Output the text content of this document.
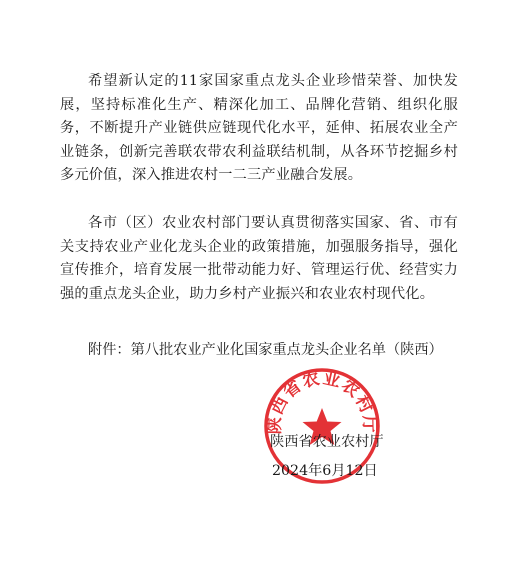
希望新认定的11家国家重点龙头企业珍惜荣誉、加快发展，坚持标准化生产、精深化加工、品牌化营销、组织化服务，不断提升产业链供应链现代化水平，延伸、拓展农业全产业链条，创新完善联农带农利益联结机制，从各环节挖掘乡村多元价值，深入推进农村一二三产业融合发展。

各市（区）农业农村部门要认真贯彻落实国家、省、市有关支持农业产业化龙头企业的政策措施，加强服务指导，强化宣传推介，培育发展一批带动能力好、管理运行优、经营实力强的重点龙头企业，助力乡村产业振兴和农业农村现代化。

附件：第八批农业产业化国家重点龙头企业名单（陕西）
陕西省农业农村厅
陕西省农业农村厅
2024年6月12日
